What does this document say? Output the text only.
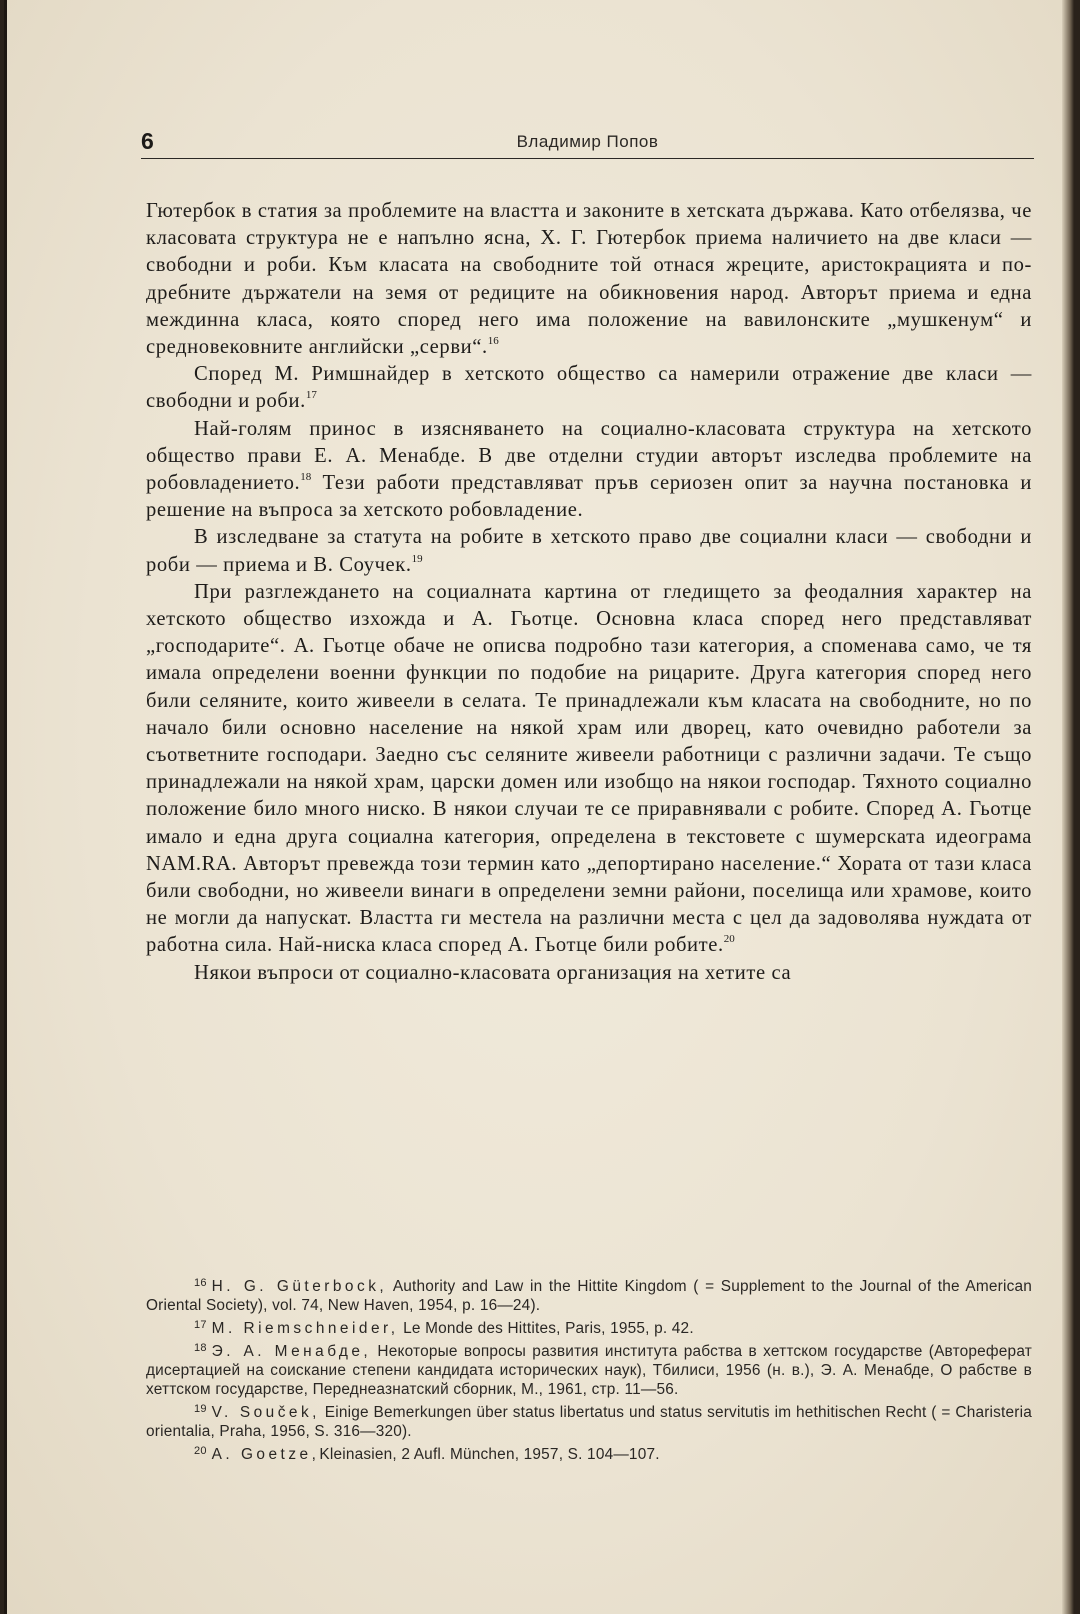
6	Владимир Попов

Гютербок в статия за проблемите на властта и законите в хетската държава. Като отбелязва, че класовата структура не е напълно ясна, Х. Г. Гютербок приема наличието на две класи — свободни и роби. Към класата на свободните той отнася жреците, аристокрацията и по-дребните държатели на земя от редиците на обикновения народ. Авторът приема и една междинна класа, която според него има положение на вавилонските „мушкенум“ и средновековните английски „серви“.$^{16}$

Според М. Римшнайдер в хетското общество са намерили отражение две класи — свободни и роби.$^{17}$

Най-голям принос в изясняването на социално-класовата структура на хетското общество прави Е. А. Менабде. В две отделни студии авторът изследва проблемите на робовладението.$^{18}$ Тези работи представляват пръв сериозен опит за научна постановка и решение на въпроса за хетското робовладение.

В изследване за статута на робите в хетското право две социални класи — свободни и роби — приема и В. Соучек.$^{19}$

При разглеждането на социалната картина от гледището за феодалния характер на хетското общество изхожда и А. Гьотце. Основна класа според него представляват „господарите“. А. Гьотце обаче не описва подробно тази категория, а споменава само, че тя имала определени военни функции по подобие на рицарите. Друга категория според него били селяните, които живеели в селата. Те принадлежали към класата на свободните, но по начало били основно население на някой храм или дворец, като очевидно работели за съответните господари. Заедно със селяните живеели работници с различни задачи. Те също принадлежали на някой храм, царски домен или изобщо на някои господар. Тяхното социално положение било много ниско. В някои случаи те се приравнявали с робите. Според А. Гьотце имало и една друга социална категория, определена в текстовете с шумерската идеограма NAM.RA. Авторът превежда този термин като „депортирано население.“ Хората от тази класа били свободни, но живеели винаги в определени земни райони, поселища или храмове, които не могли да напускат. Властта ги местела на различни места с цел да задоволява нуждата от работна сила. Най-ниска класа според А. Гьотце били робите.$^{20}$

Някои въпроси от социално-класовата организация на хетите са

$^{16}$ H. G. Güterbock, Authority and Law in the Hittite Kingdom ( = Supplement to the Journal of the American Oriental Society), vol. 74, New Haven, 1954, p. 16—24).

$^{17}$ M. Riemschneider, Le Monde des Hittites, Paris, 1955, p. 42.

$^{18}$ Э. А. Менабде, Некоторые вопросы развития института рабства в хеттском государстве (Автореферат дисертацией на соискание степени кандидата исторических наук), Тбилиси, 1956 (н. в.), Э. А. Менабде, О рабстве в хеттском государстве, Переднеазнатский сборник, М., 1961, стр. 11—56.

$^{19}$ V. Souček, Einige Bemerkungen über status libertatus und status servitutis im hethitischen Recht ( = Charisteria orientalia, Praha, 1956, S. 316—320).

$^{20}$ A. Goetze,Kleinasien, 2 Aufl. München, 1957, S. 104—107.
